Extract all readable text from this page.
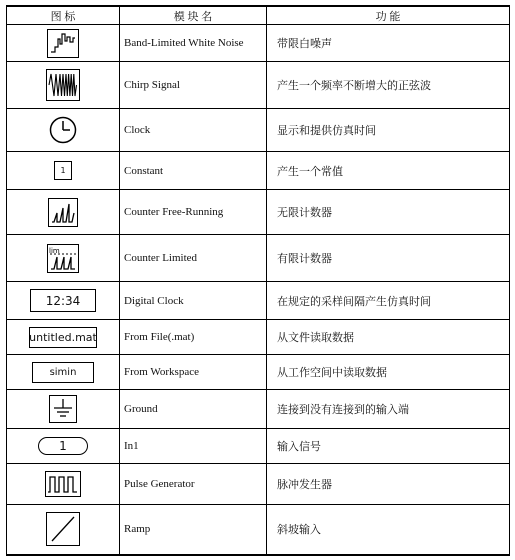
图 标	模 块 名	功 能

	Band-Limited White Noise	带限白噪声

	Chirp Signal	产生一个频率不断增大的正弦波
	Clock	显示和提供仿真时间
1	Constant	产生一个常值

	Counter Free-Running	无限计数器

lim	Counter Limited	有限计数器
12:34	Digital Clock	在规定的采样间隔产生仿真时间
untitled.mat	From File(.mat)	从文件读取数据
simin	From Workspace	从工作空间中读取数据

	Ground	连接到没有连接到的输入端
1	In1	输入信号

	Pulse Generator	脉冲发生器

	Ramp	斜坡输入
